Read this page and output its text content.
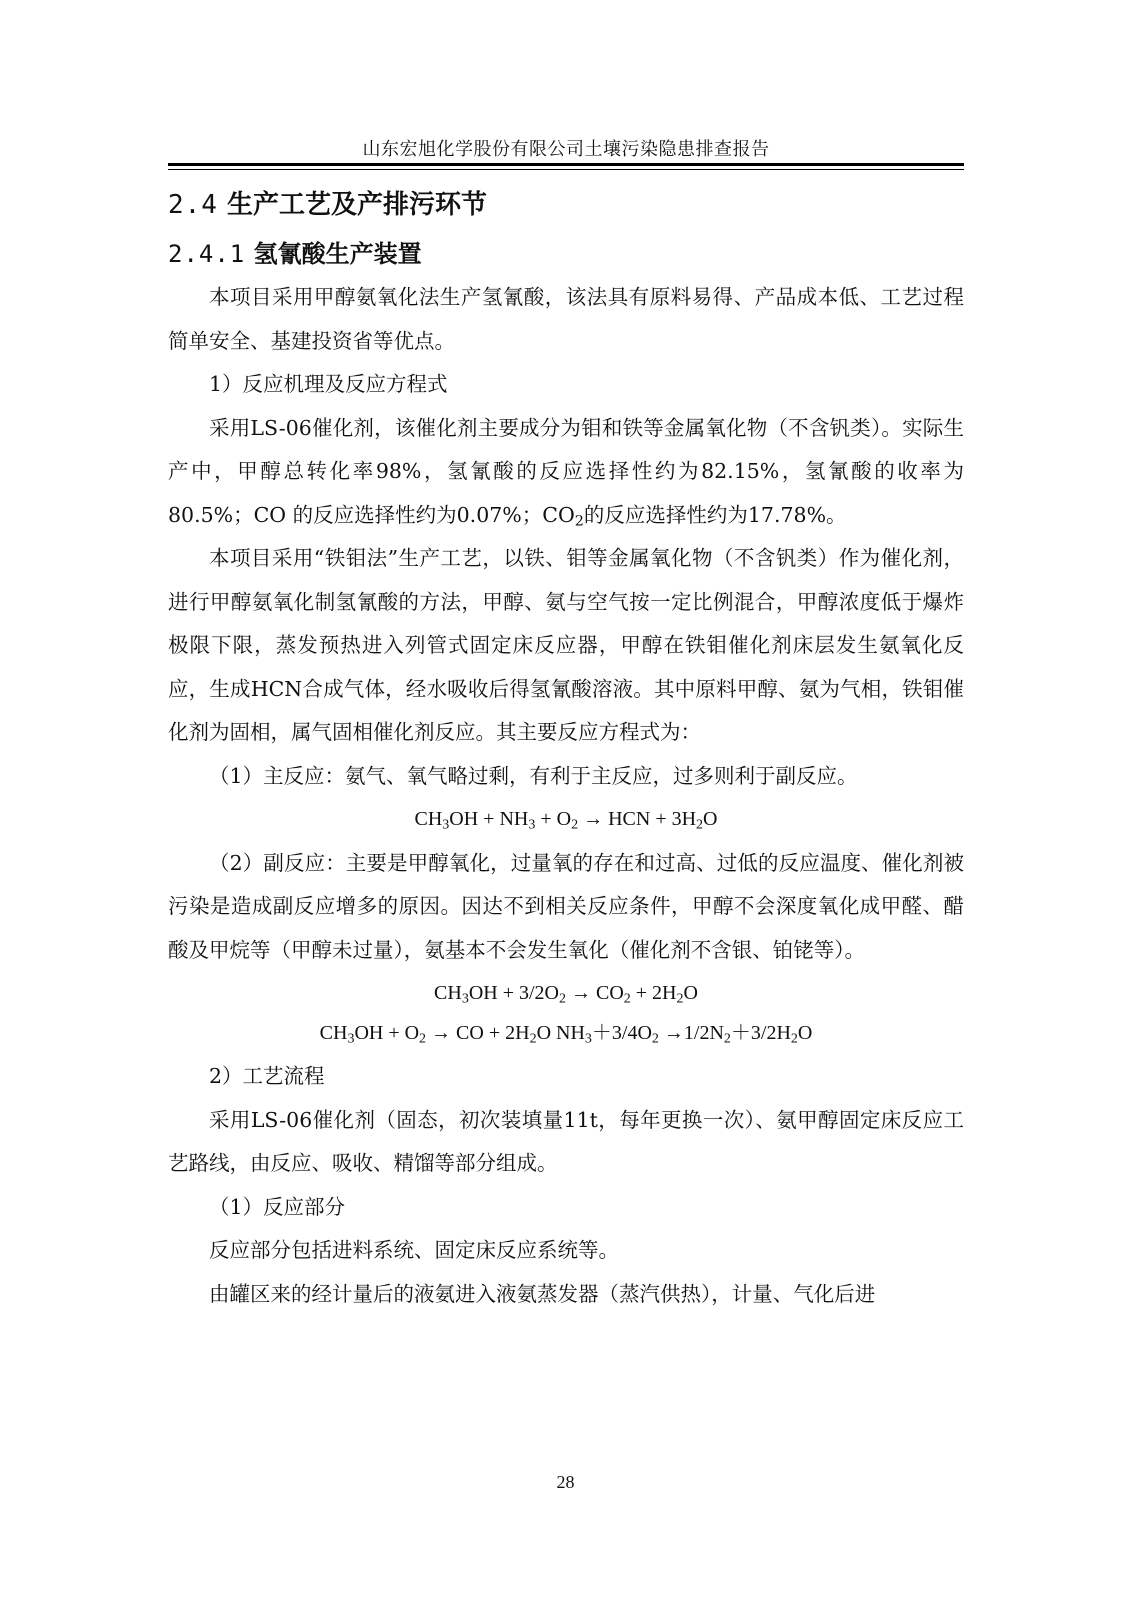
山东宏旭化学股份有限公司土壤污染隐患排查报告
2.4 生产工艺及产排污环节
2.4.1 氢氰酸生产装置

本项目采用甲醇氨氧化法生产氢氰酸，该法具有原料易得、产品成本低、工艺过程简单安全、基建投资省等优点。

1）反应机理及反应方程式

采用LS-06催化剂，该催化剂主要成分为钼和铁等金属氧化物（不含钒类）。实际生产中，甲醇总转化率98%，氢氰酸的反应选择性约为82.15%，氢氰酸的收率为80.5%；CO 的反应选择性约为0.07%；$CO_2$的反应选择性约为17.78%。

本项目采用“铁钼法”生产工艺，以铁、钼等金属氧化物（不含钒类）作为催化剂，进行甲醇氨氧化制氢氰酸的方法，甲醇、氨与空气按一定比例混合，甲醇浓度低于爆炸极限下限，蒸发预热进入列管式固定床反应器，甲醇在铁钼催化剂床层发生氨氧化反应，生成HCN合成气体，经水吸收后得氢氰酸溶液。其中原料甲醇、氨为气相，铁钼催化剂为固相，属气固相催化剂反应。其主要反应方程式为：

（1）主反应：氨气、氧气略过剩，有利于主反应，过多则利于副反应。

$CH_3OH + NH_3 + O_2$ → HCN + $3H_2O$

（2）副反应：主要是甲醇氧化，过量氧的存在和过高、过低的反应温度、催化剂被污染是造成副反应增多的原因。因达不到相关反应条件，甲醇不会深度氧化成甲醛、醋酸及甲烷等（甲醇未过量），氨基本不会发生氧化（催化剂不含银、铂铑等）。

$CH_3OH + 3/2O_2 \to CO_2 + 2H_2O$
$CH_3OH + O_2$ → CO + $2H_2O$ $NH_3+3/4O_2 \to 1/2N_2+3/2H_2O$

2）工艺流程

采用LS-06催化剂（固态，初次装填量11t，每年更换一次）、氨甲醇固定床反应工艺路线，由反应、吸收、精馏等部分组成。

（1）反应部分

反应部分包括进料系统、固定床反应系统等。

由罐区来的经计量后的液氨进入液氨蒸发器（蒸汽供热），计量、气化后进

28
